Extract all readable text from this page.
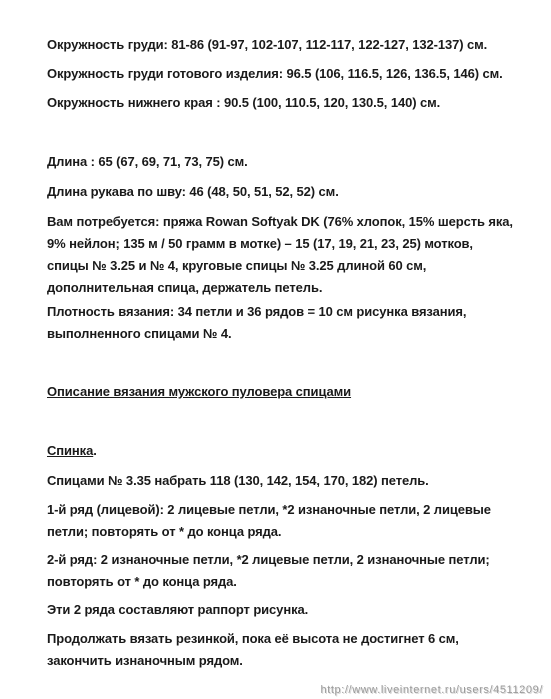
Окружность груди: 81-86 (91-97, 102-107, 112-117, 122-127, 132-137) см.

Окружность груди готового изделия: 96.5 (106, 116.5, 126, 136.5, 146) см.

Окружность нижнего края : 90.5 (100, 110.5, 120, 130.5, 140) см.

Длина : 65 (67, 69, 71, 73, 75) см.

Длина рукава по шву: 46 (48, 50, 51, 52, 52) см.

Вам потребуется: пряжа Rowan Softyak DK (76% хлопок, 15% шерсть яка, 9% нейлон; 135 м / 50 грамм в мотке) – 15 (17, 19, 21, 23, 25) мотков, спицы № 3.25 и № 4, круговые спицы № 3.25 длиной 60 см, дополнительная спица, держатель петель.

Плотность вязания: 34 петли и 36 рядов = 10 см рисунка вязания, выполненного спицами № 4.

Описание вязания мужского пуловера спицами

Спинка.

Спицами № 3.35 набрать 118 (130, 142, 154, 170, 182) петель.

1-й ряд (лицевой): 2 лицевые петли, *2 изнаночные петли, 2 лицевые петли; повторять от * до конца ряда.

2-й ряд: 2 изнаночные петли, *2 лицевые петли, 2 изнаночные петли; повторять от * до конца ряда.

Эти 2 ряда составляют раппорт рисунка.

Продолжать вязать резинкой, пока её высота не достигнет 6 см, закончить изнаночным рядом.

http://www.liveinternet.ru/users/4511209/
